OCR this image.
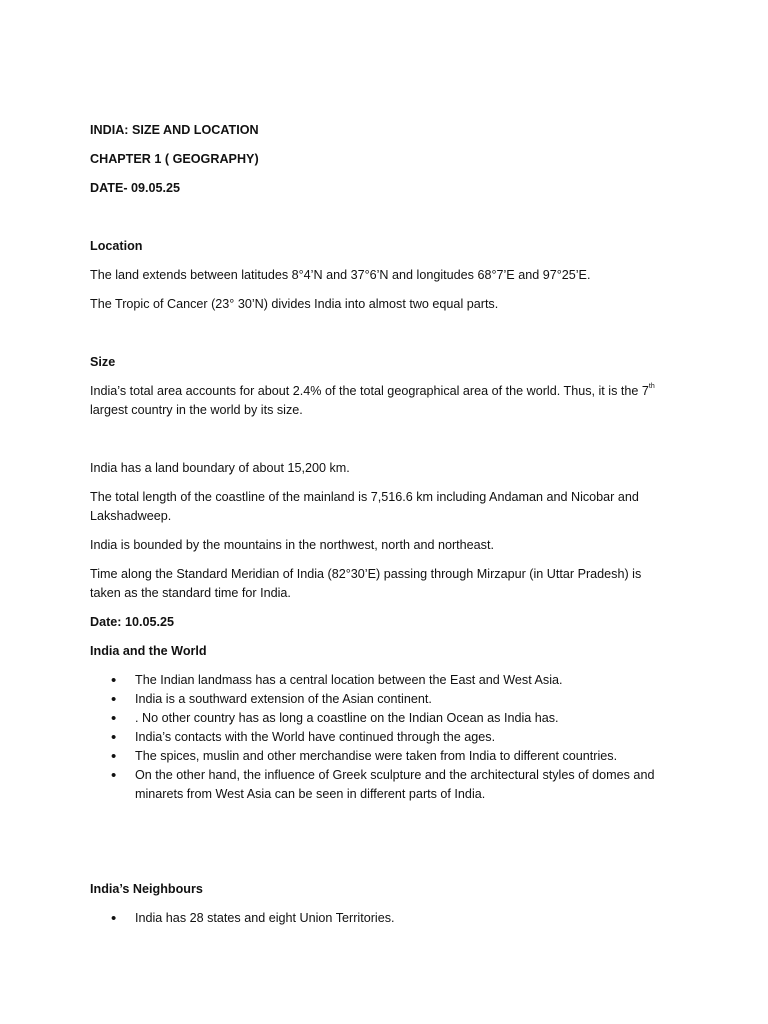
INDIA: SIZE AND LOCATION

CHAPTER 1 ( GEOGRAPHY)

DATE- 09.05.25

Location

The land extends between latitudes 8°4’N and 37°6’N and longitudes 68°7’E and 97°25’E.

The Tropic of Cancer (23° 30’N) divides India into almost two equal parts.

Size

India’s total area accounts for about 2.4% of the total geographical area of the world. Thus, it is the 7th largest country in the world by its size.

India has a land boundary of about 15,200 km.

The total length of the coastline of the mainland is 7,516.6 km including Andaman and Nicobar and Lakshadweep.

India is bounded by the mountains in the northwest, north and northeast.

Time along the Standard Meridian of India (82°30’E) passing through Mirzapur (in Uttar Pradesh) is taken as the standard time for India.

Date: 10.05.25

India and the World

• The Indian landmass has a central location between the East and West Asia.
• India is a southward extension of the Asian continent.
• . No other country has as long a coastline on the Indian Ocean as India has.
• India’s contacts with the World have continued through the ages.
• The spices, muslin and other merchandise were taken from India to different countries.
• On the other hand, the influence of Greek sculpture and the architectural styles of domes and minarets from West Asia can be seen in different parts of India.

India’s Neighbours

• India has 28 states and eight Union Territories.
